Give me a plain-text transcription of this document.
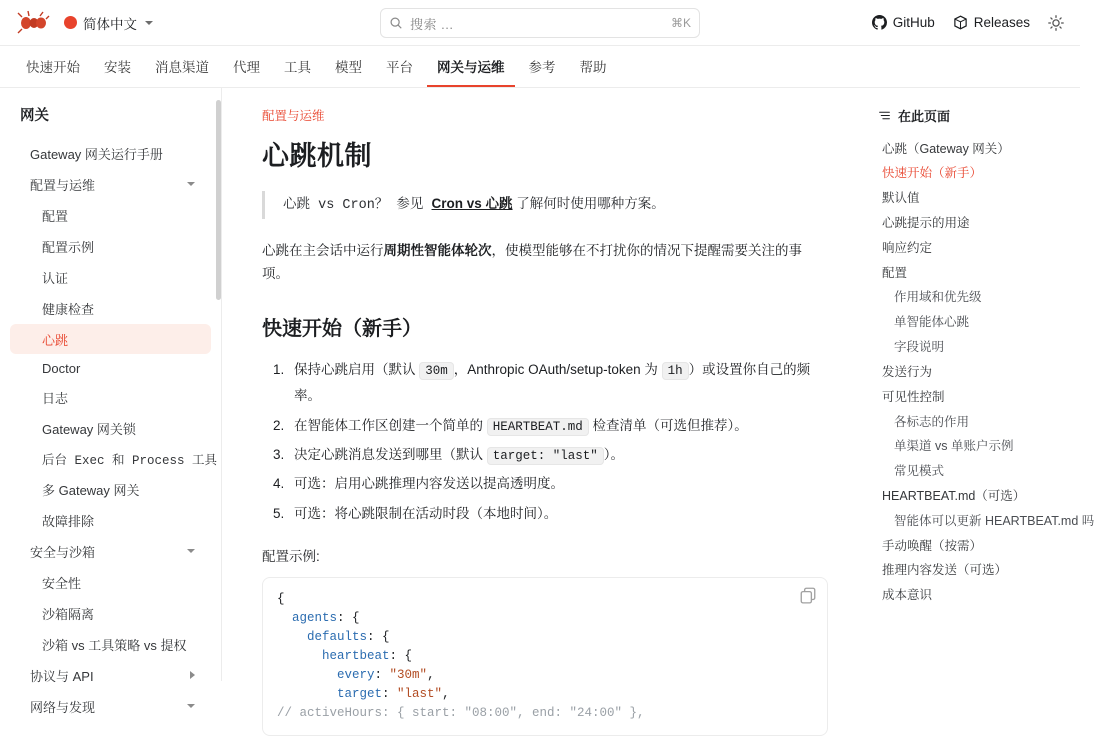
简体中文	搜索 ...	⌘K	GitHub	Releases
快速开始	安装	消息渠道	代理	工具	模型	平台	网关与运维	参考	帮助
网关
Gateway 网关运行手册
配置与运维
配置
配置示例
认证
健康检查
心跳
Doctor
日志
Gateway 网关锁
后台 Exec 和 Process 工具
多 Gateway 网关
故障排除
安全与沙箱
安全性
沙箱隔离
沙箱 vs 工具策略 vs 提权
协议与 API
网络与发现
配置与运维
心跳机制
心跳 vs Cron？ 参见 Cron vs 心跳 了解何时使用哪种方案。

心跳在主会话中运行周期性智能体轮次，使模型能够在不打扰你的情况下提醒需要关注的事项。

快速开始（新手）
1. 保持心跳启用（默认 30m ，Anthropic OAuth/setup-token 为 1h ）或设置你自己的频率。
2. 在智能体工作区创建一个简单的 HEARTBEAT.md 检查清单（可选但推荐）。
3. 决定心跳消息发送到哪里（默认 target: "last" ）。
4. 可选：启用心跳推理内容发送以提高透明度。
5. 可选：将心跳限制在活动时段（本地时间）。

配置示例:

{
agents: {
defaults: {
heartbeat: {
every: "30m",
target: "last",
// activeHours: { start: "08:00", end: "24:00" },
在此页面
心跳（Gateway 网关）
快速开始（新手）
默认值
心跳提示的用途
响应约定
配置
作用域和优先级
单智能体心跳
字段说明
发送行为
可见性控制
各标志的作用
单渠道 vs 单账户示例
常见模式
HEARTBEAT.md（可选）
智能体可以更新 HEARTBEAT.md 吗
手动唤醒（按需）
推理内容发送（可选）
成本意识
